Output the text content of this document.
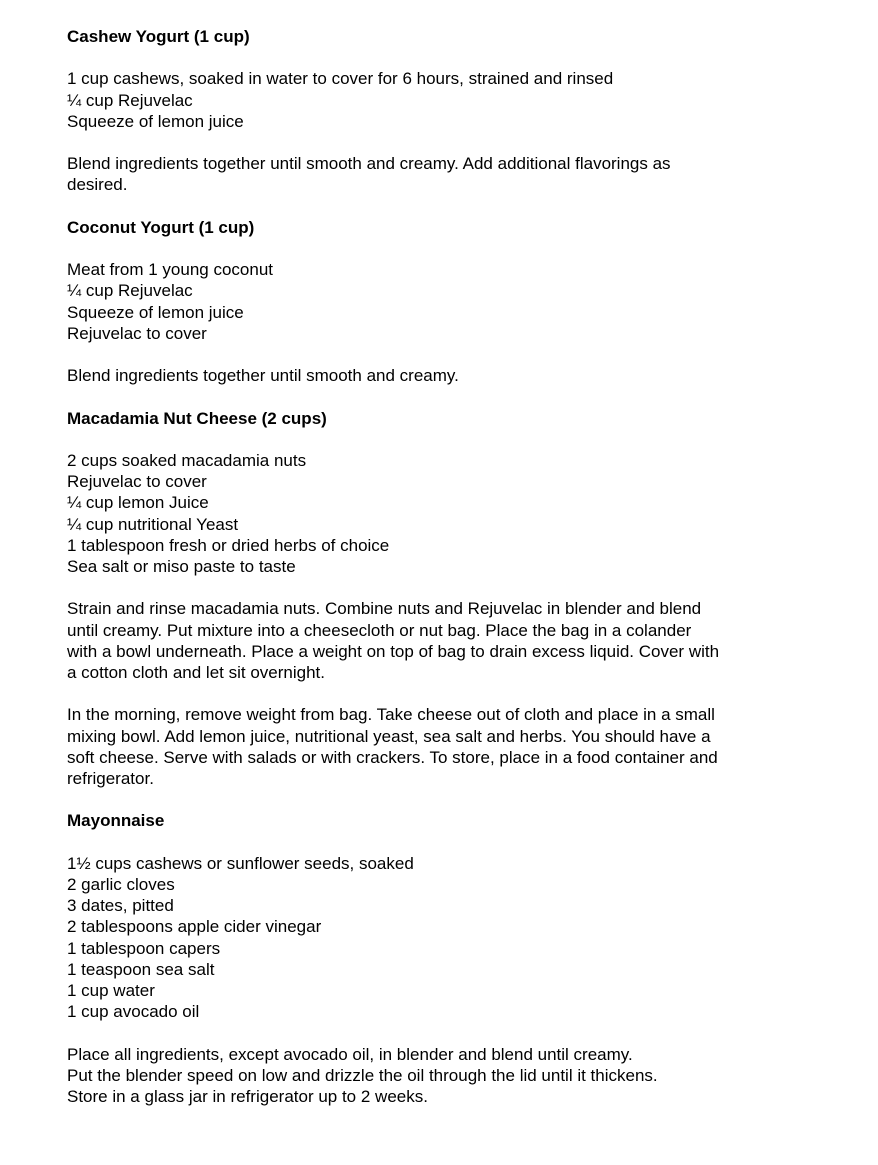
Cashew Yogurt (1 cup)

1 cup cashews, soaked in water to cover for 6 hours, strained and rinsed

¼ cup Rejuvelac

Squeeze of lemon juice

Blend ingredients together until smooth and creamy. Add additional flavorings as
desired.

Coconut Yogurt (1 cup)

Meat from 1 young coconut

¼ cup Rejuvelac

Squeeze of lemon juice

Rejuvelac to cover

Blend ingredients together until smooth and creamy.

Macadamia Nut Cheese (2 cups)

2 cups soaked macadamia nuts

Rejuvelac to cover

¼ cup lemon Juice

¼ cup nutritional Yeast

1 tablespoon fresh or dried herbs of choice

Sea salt or miso paste to taste

Strain and rinse macadamia nuts. Combine nuts and Rejuvelac in blender and blend
until creamy. Put mixture into a cheesecloth or nut bag. Place the bag in a colander
with a bowl underneath. Place a weight on top of bag to drain excess liquid. Cover with
a cotton cloth and let sit overnight.

In the morning, remove weight from bag. Take cheese out of cloth and place in a small
mixing bowl. Add lemon juice, nutritional yeast, sea salt and herbs. You should have a
soft cheese. Serve with salads or with crackers. To store, place in a food container and
refrigerator.

Mayonnaise

1½ cups cashews or sunflower seeds, soaked

2 garlic cloves

3 dates, pitted

2 tablespoons apple cider vinegar

1 tablespoon capers

1 teaspoon sea salt

1 cup water

1 cup avocado oil

Place all ingredients, except avocado oil, in blender and blend until creamy.
Put the blender speed on low and drizzle the oil through the lid until it thickens.
Store in a glass jar in refrigerator up to 2 weeks.
